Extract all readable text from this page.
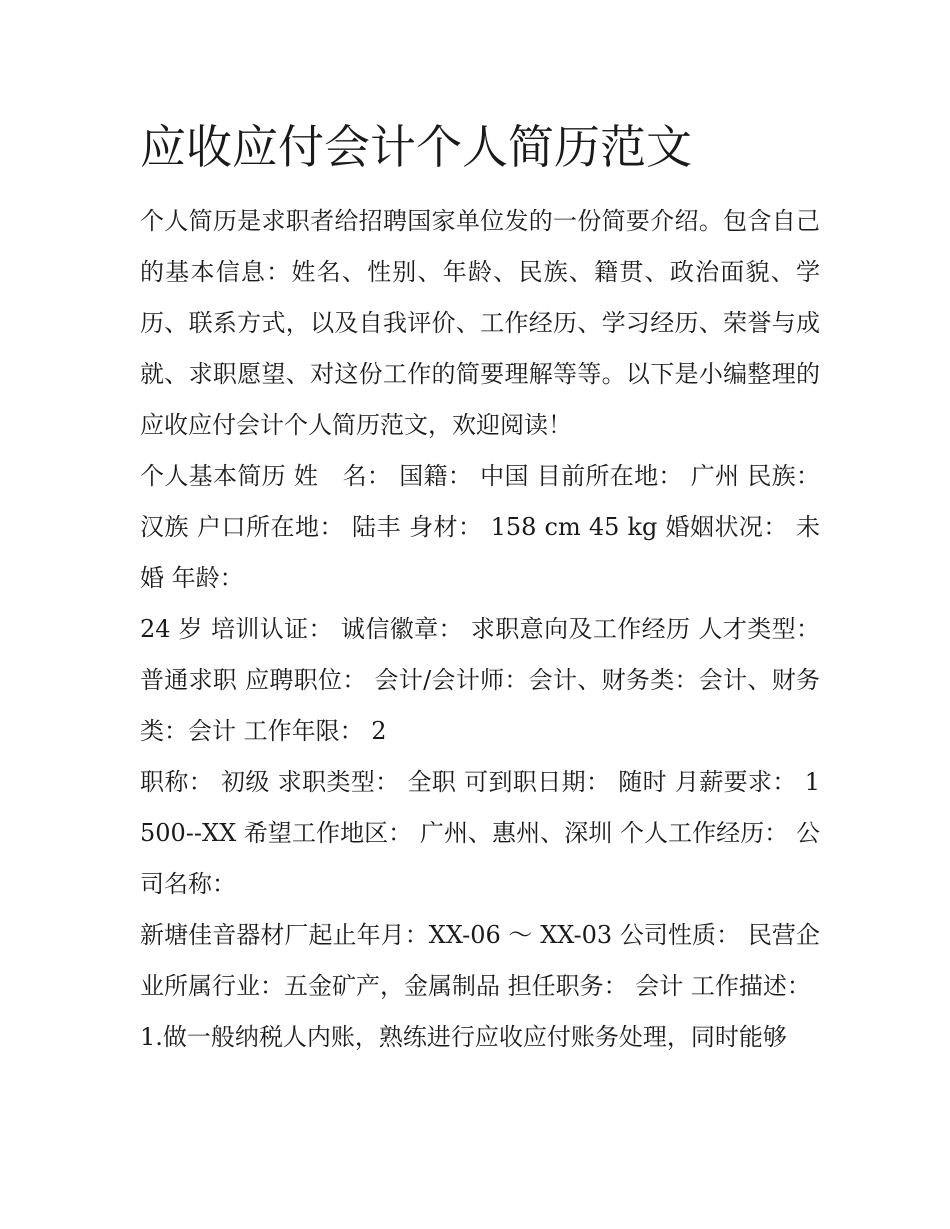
应收应付会计个人简历范文

个人简历是求职者给招聘国家单位发的一份简要介绍。包含自己的基本信息：姓名、性别、年龄、民族、籍贯、政治面貌、学历、联系方式，以及自我评价、工作经历、学习经历、荣誉与成就、求职愿望、对这份工作的简要理解等等。以下是小编整理的应收应付会计个人简历范文，欢迎阅读！

个人基本简历 姓　名： 国籍： 中国 目前所在地： 广州 民族： 汉族 户口所在地： 陆丰 身材： 158 cm 45 kg 婚姻状况： 未婚 年龄：

24 岁 培训认证： 诚信徽章： 求职意向及工作经历 人才类型： 普通求职 应聘职位： 会计/会计师：会计、财务类：会计、财务类：会计 工作年限： 2

职称： 初级 求职类型： 全职 可到职日期： 随时 月薪要求： 1500--XX 希望工作地区： 广州、惠州、深圳 个人工作经历： 公司名称：

新塘佳音器材厂起止年月：XX-06 ～ XX-03 公司性质： 民营企业所属行业：五金矿产，金属制品 担任职务： 会计 工作描述：

1.做一般纳税人内账，熟练进行应收应付账务处理，同时能够
